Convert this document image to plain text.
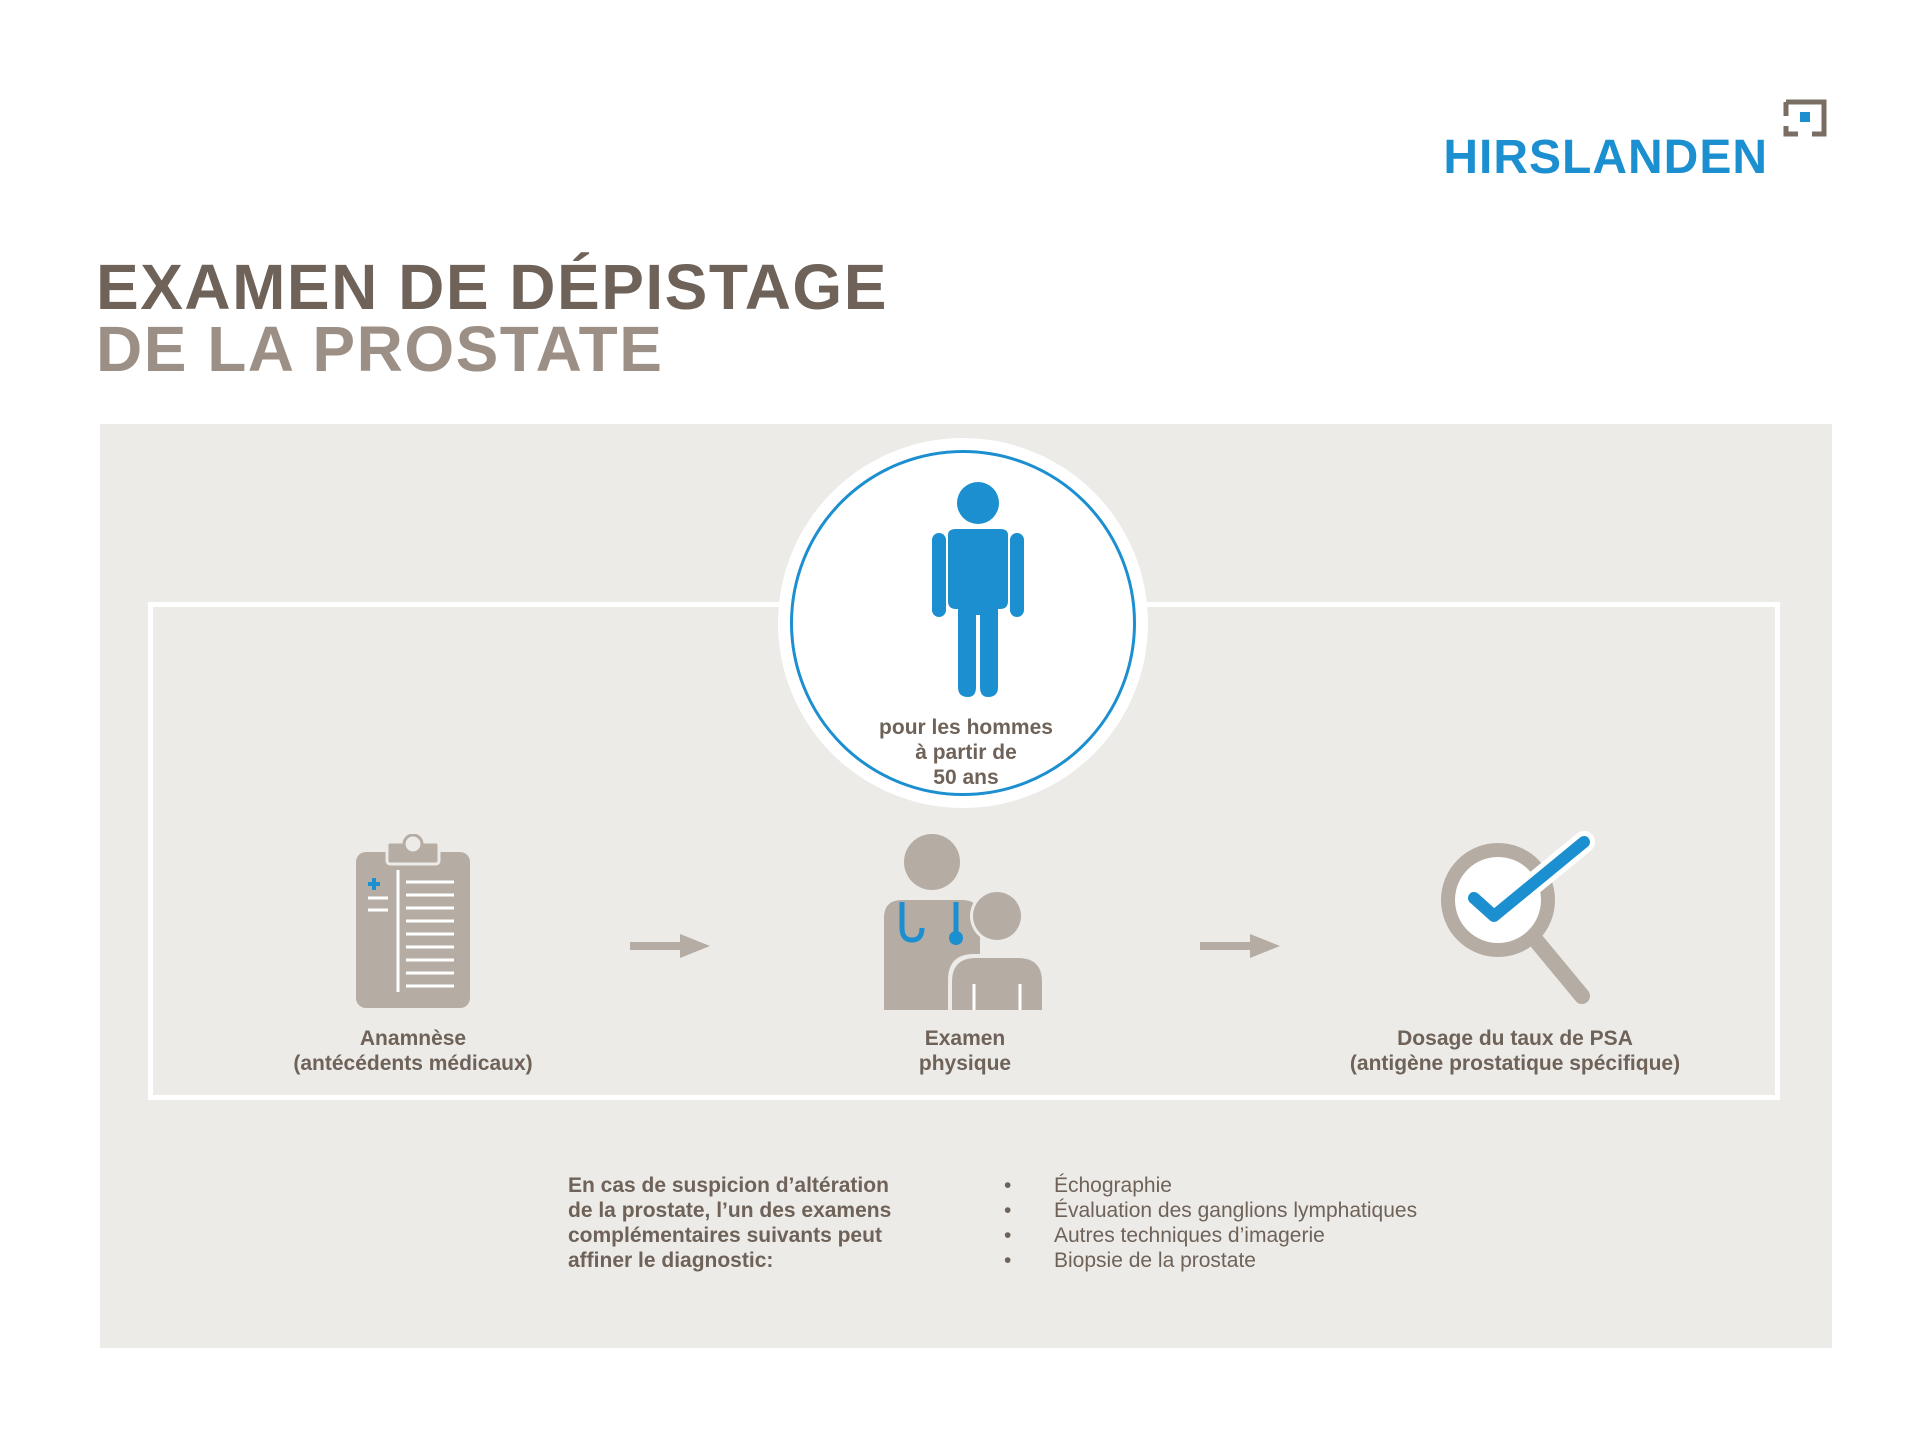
HIRSLANDEN
EXAMEN DE DÉPISTAGE
DE LA PROSTATE
pour les hommes
à partir de
50 ans
Anamnèse
(antécédents médicaux)
Examen
physique
Dosage du taux de PSA
(antigène prostatique spécifique)
En cas de suspicion d’altération
de la prostate, l’un des examens
complémentaires suivants peut
affiner le diagnostic:
• Échographie
• Évaluation des ganglions lymphatiques
• Autres techniques d’imagerie
• Biopsie de la prostate
